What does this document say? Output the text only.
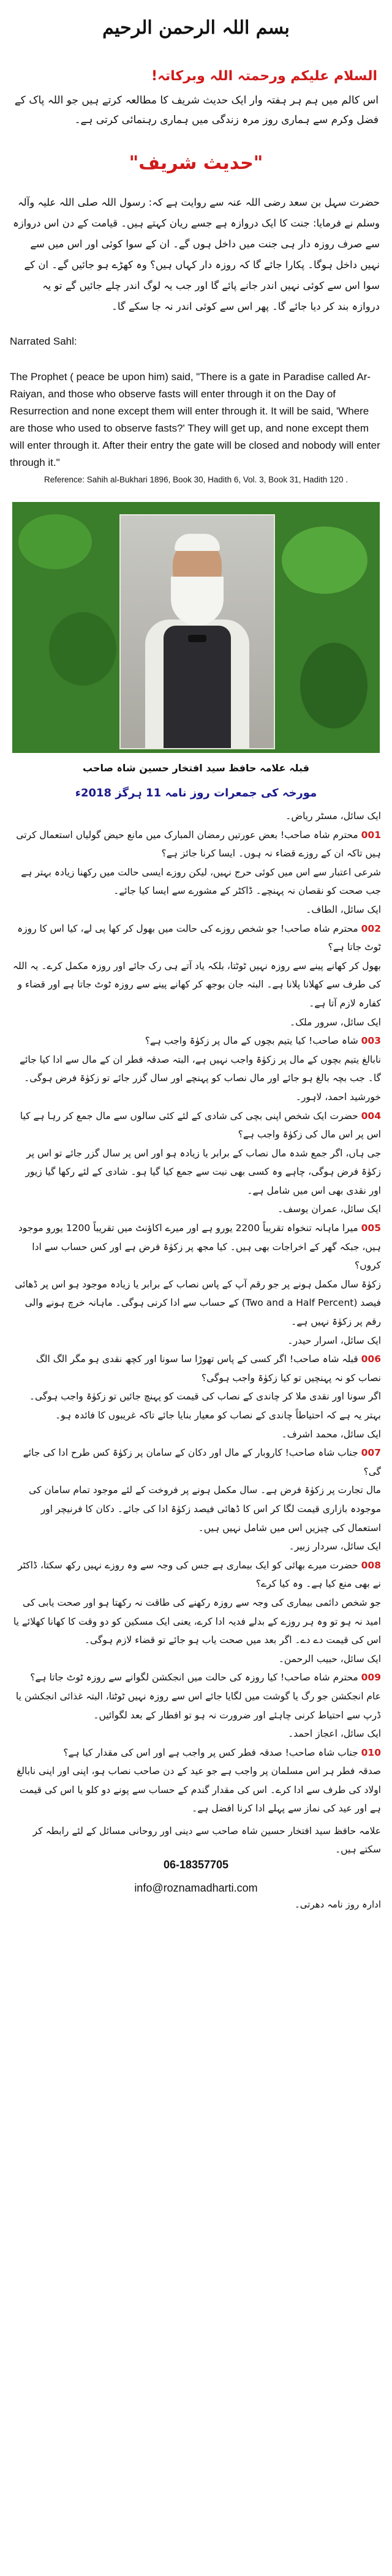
بسم اللہ الرحمن الرحیم
السلام علیکم ورحمتہ اللہ وبرکاتہ!
اس کالم میں ہم ہر ہفتہ وار ایک حدیث شریف کا مطالعہ کرتے ہیں جو اللہ پاک کے فضل وکرم سے ہماری روز مرہ زندگی میں ہماری رہنمائی کرتی ہے۔
"حدیث شریف"
حضرت سہل بن سعد رضی اللہ عنہ سے روایت ہے کہ: رسول اللہ صلی اللہ علیہ وآلہ وسلم نے فرمایا: جنت کا ایک دروازہ ہے جسے ریان کہتے ہیں۔ قیامت کے دن اس دروازہ سے صرف روزہ دار ہی جنت میں داخل ہوں گے۔ ان کے سوا کوئی اور اس میں سے نہیں داخل ہوگا۔ پکارا جائے گا کہ روزہ دار کہاں ہیں؟ وہ کھڑے ہو جائیں گے۔ ان کے سوا اس سے کوئی نہیں اندر جانے پائے گا اور جب یہ لوگ اندر چلے جائیں گے تو یہ دروازہ بند کر دیا جائے گا۔ پھر اس سے کوئی اندر نہ جا سکے گا۔
Narrated Sahl:
The Prophet ( peace be upon him) said, "There is a gate in Paradise called Ar-Raiyan, and those who observe fasts will enter through it on the Day of Resurrection and none except them will enter through it. It will be said, 'Where are those who used to observe fasts?' They will get up, and none except them will enter through it. After their entry the gate will be closed and nobody will enter through it."
Reference: Sahih al-Bukhari 1896, Book 30, Hadith 6, Vol. 3, Book 31, Hadith 120 .
قبلہ علامہ حافظ سید افتخار حسین شاہ صاحب
مورخہ کی جمعرات روز نامہ 11 ہرگز 2018ء

ایک سائل، مسٹر ریاض۔

001 محترم شاہ صاحب! بعض عورتیں رمضان المبارک میں مانع حیض گولیاں استعمال کرتی ہیں تاکہ ان کے روزے قضاء نہ ہوں۔ ایسا کرنا جائز ہے؟

شرعی اعتبار سے اس میں کوئی حرج نہیں، لیکن روزے ایسی حالت میں رکھنا زیادہ بہتر ہے جب صحت کو نقصان نہ پہنچے۔ ڈاکٹر کے مشورے سے ایسا کیا جائے۔

ایک سائل، الطاف۔

002 محترم شاہ صاحب! جو شخص روزے کی حالت میں بھول کر کھا پی لے، کیا اس کا روزہ ٹوٹ جاتا ہے؟

بھول کر کھانے پینے سے روزہ نہیں ٹوٹتا، بلکہ یاد آتے ہی رک جائے اور روزہ مکمل کرے۔ یہ اللہ کی طرف سے کھلانا پلانا ہے۔ البتہ جان بوجھ کر کھانے پینے سے روزہ ٹوٹ جاتا ہے اور قضاء و کفارہ لازم آتا ہے۔

ایک سائل، سرور ملک۔

003 شاہ صاحب! کیا یتیم بچوں کے مال پر زکوٰۃ واجب ہے؟

نابالغ یتیم بچوں کے مال پر زکوٰۃ واجب نہیں ہے، البتہ صدقہ فطر ان کے مال سے ادا کیا جائے گا۔ جب بچہ بالغ ہو جائے اور مال نصاب کو پہنچے اور سال گزر جائے تو زکوٰۃ فرض ہوگی۔

خورشید احمد، لاہور۔

004 حضرت ایک شخص اپنی بچی کی شادی کے لئے کئی سالوں سے مال جمع کر رہا ہے کیا اس پر اس مال کی زکوٰۃ واجب ہے؟

جی ہاں، اگر جمع شدہ مال نصاب کے برابر یا زیادہ ہو اور اس پر سال گزر جائے تو اس پر زکوٰۃ فرض ہوگی، چاہے وہ کسی بھی نیت سے جمع کیا گیا ہو۔ شادی کے لئے رکھا گیا زیور اور نقدی بھی اس میں شامل ہے۔

ایک سائل، عمران یوسف۔

005 میرا ماہانہ تنخواہ تقریباً 2200 یورو ہے اور میرے اکاؤنٹ میں تقریباً 1200 یورو موجود ہیں، جبکہ گھر کے اخراجات بھی ہیں۔ کیا مجھ پر زکوٰۃ فرض ہے اور کس حساب سے ادا کروں؟

زکوٰۃ سال مکمل ہونے پر جو رقم آپ کے پاس نصاب کے برابر یا زیادہ موجود ہو اس پر ڈھائی فیصد (Two and a Half Percent) کے حساب سے ادا کرنی ہوگی۔ ماہانہ خرچ ہونے والی رقم پر زکوٰۃ نہیں ہے۔

ایک سائل، اسرار حیدر۔

006 قبلہ شاہ صاحب! اگر کسی کے پاس تھوڑا سا سونا اور کچھ نقدی ہو مگر الگ الگ نصاب کو نہ پہنچیں تو کیا زکوٰۃ واجب ہوگی؟

اگر سونا اور نقدی ملا کر چاندی کے نصاب کی قیمت کو پہنچ جائیں تو زکوٰۃ واجب ہوگی۔ بہتر یہ ہے کہ احتیاطاً چاندی کے نصاب کو معیار بنایا جائے تاکہ غریبوں کا فائدہ ہو۔

ایک سائل، محمد اشرف۔

007 جناب شاہ صاحب! کاروبار کے مال اور دکان کے سامان پر زکوٰۃ کس طرح ادا کی جائے گی؟

مال تجارت پر زکوٰۃ فرض ہے۔ سال مکمل ہونے پر فروخت کے لئے موجود تمام سامان کی موجودہ بازاری قیمت لگا کر اس کا ڈھائی فیصد زکوٰۃ ادا کی جائے۔ دکان کا فرنیچر اور استعمال کی چیزیں اس میں شامل نہیں ہیں۔

ایک سائل، سردار زبیر۔

008 حضرت میرے بھائی کو ایک بیماری ہے جس کی وجہ سے وہ روزے نہیں رکھ سکتا، ڈاکٹر نے بھی منع کیا ہے۔ وہ کیا کرے؟

جو شخص دائمی بیماری کی وجہ سے روزہ رکھنے کی طاقت نہ رکھتا ہو اور صحت یابی کی امید نہ ہو تو وہ ہر روزے کے بدلے فدیہ ادا کرے، یعنی ایک مسکین کو دو وقت کا کھانا کھلائے یا اس کی قیمت دے دے۔ اگر بعد میں صحت یاب ہو جائے تو قضاء لازم ہوگی۔

ایک سائل، حبیب الرحمن۔

009 محترم شاہ صاحب! کیا روزہ کی حالت میں انجکشن لگوانے سے روزہ ٹوٹ جاتا ہے؟

عام انجکشن جو رگ یا گوشت میں لگایا جائے اس سے روزہ نہیں ٹوٹتا، البتہ غذائی انجکشن یا ڈرپ سے احتیاط کرنی چاہئے اور ضرورت نہ ہو تو افطار کے بعد لگوائیں۔

ایک سائل، اعجاز احمد۔

010 جناب شاہ صاحب! صدقہ فطر کس پر واجب ہے اور اس کی مقدار کیا ہے؟

صدقہ فطر ہر اس مسلمان پر واجب ہے جو عید کے دن صاحب نصاب ہو، اپنی اور اپنی نابالغ اولاد کی طرف سے ادا کرے۔ اس کی مقدار گندم کے حساب سے پونے دو کلو یا اس کی قیمت ہے اور عید کی نماز سے پہلے ادا کرنا افضل ہے۔

علامہ حافظ سید افتخار حسین شاہ صاحب سے دینی اور روحانی مسائل کے لئے رابطہ کر سکتے ہیں۔
06-18357705
info@roznamadharti.com
ادارہ روز نامہ دھرتی۔
